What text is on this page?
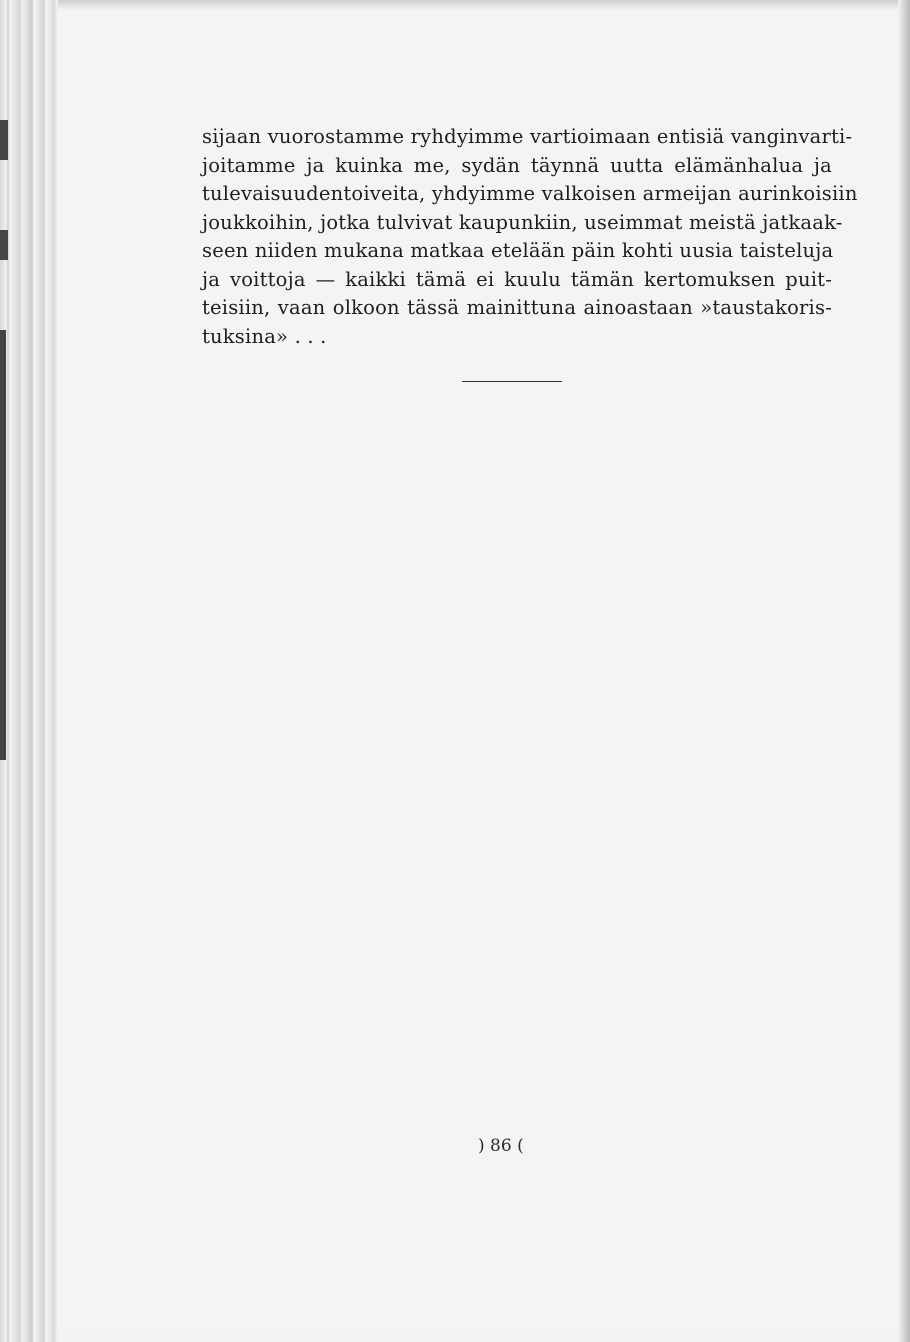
sijaan vuorostamme ryhdyimme vartioimaan entisiä vanginvarti-
joitamme ja kuinka me, sydän täynnä uutta elämänhalua ja
tulevaisuudentoiveita, yhdyimme valkoisen armeijan aurinkoisiin
joukkoihin, jotka tulvivat kaupunkiin, useimmat meistä jatkaak-
seen niiden mukana matkaa etelään päin kohti uusia taisteluja
ja voittoja — kaikki tämä ei kuulu tämän kertomuksen puit-
teisiin, vaan olkoon tässä mainittuna ainoastaan »taustakoris-
tuksina» . . .

) 86 (
